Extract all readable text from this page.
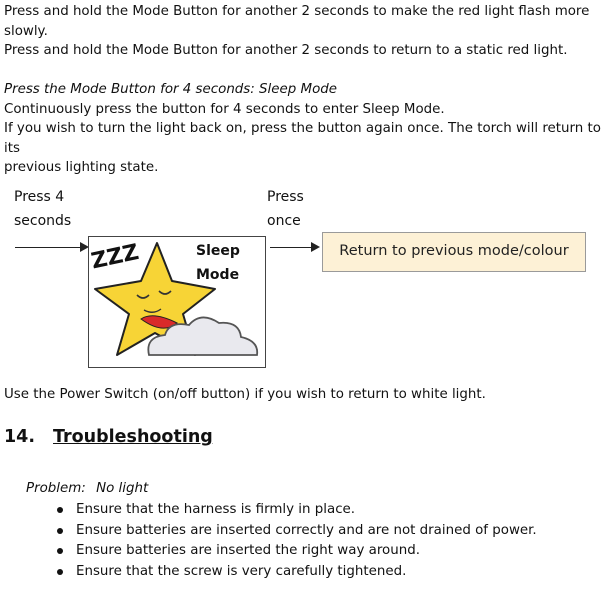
Press and hold the Mode Button for another 2 seconds to make the red light flash more

slowly.

Press and hold the Mode Button for another 2 seconds to return to a static red light.

Press the Mode Button for 4 seconds: Sleep Mode

Continuously press the button for 4 seconds to enter Sleep Mode.

If you wish to turn the light back on, press the button again once. The torch will return to its

previous lighting state.

Press 4
seconds
Press
once
ZZZ	Sleep
Mode
Return to previous mode/colour
Use the Power Switch (on/off button) if you wish to return to white light.
14. Troubleshooting
Problem: No light
Ensure that the harness is firmly in place.
Ensure batteries are inserted correctly and are not drained of power.
Ensure batteries are inserted the right way around.
Ensure that the screw is very carefully tightened.
